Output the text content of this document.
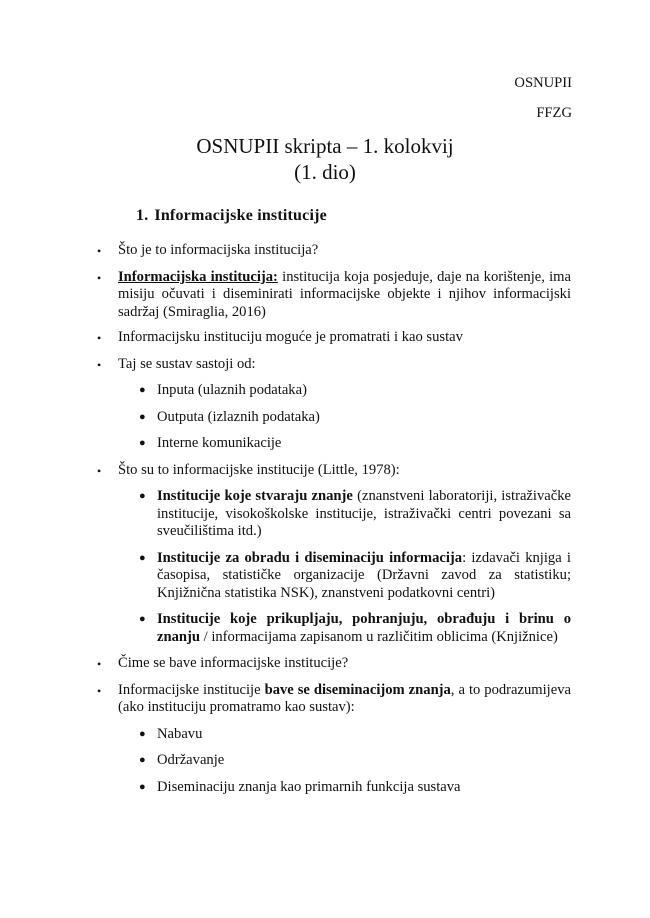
OSNUPII
FFZG
OSNUPII skripta – 1. kolokvij
(1. dio)
1. Informacijske institucije
• Što je to informacijska institucija?
• Informacijska institucija: institucija koja posjeduje, daje na korištenje, ima misiju očuvati i diseminirati informacijske objekte i njihov informacijski sadržaj (Smiraglia, 2016)
• Informacijsku instituciju moguće je promatrati i kao sustav
• Taj se sustav sastoji od:
● Inputa (ulaznih podataka)
● Outputa (izlaznih podataka)
● Interne komunikacije
• Što su to informacijske institucije (Little, 1978):
● Institucije koje stvaraju znanje (znanstveni laboratoriji, istraživačke institucije, visokoškolske institucije, istraživački centri povezani sa sveučilištima itd.)
● Institucije za obradu i diseminaciju informacija: izdavači knjiga i časopisa, statističke organizacije (Državni zavod za statistiku; Knjižnična statistika NSK), znanstveni podatkovni centri)
● Institucije koje prikupljaju, pohranjuju, obrađuju i brinu o znanju / informacijama zapisanom u različitim oblicima (Knjižnice)
• Čime se bave informacijske institucije?
• Informacijske institucije bave se diseminacijom znanja, a to podrazumijeva (ako instituciju promatramo kao sustav):
● Nabavu
● Održavanje
● Diseminaciju znanja kao primarnih funkcija sustava
